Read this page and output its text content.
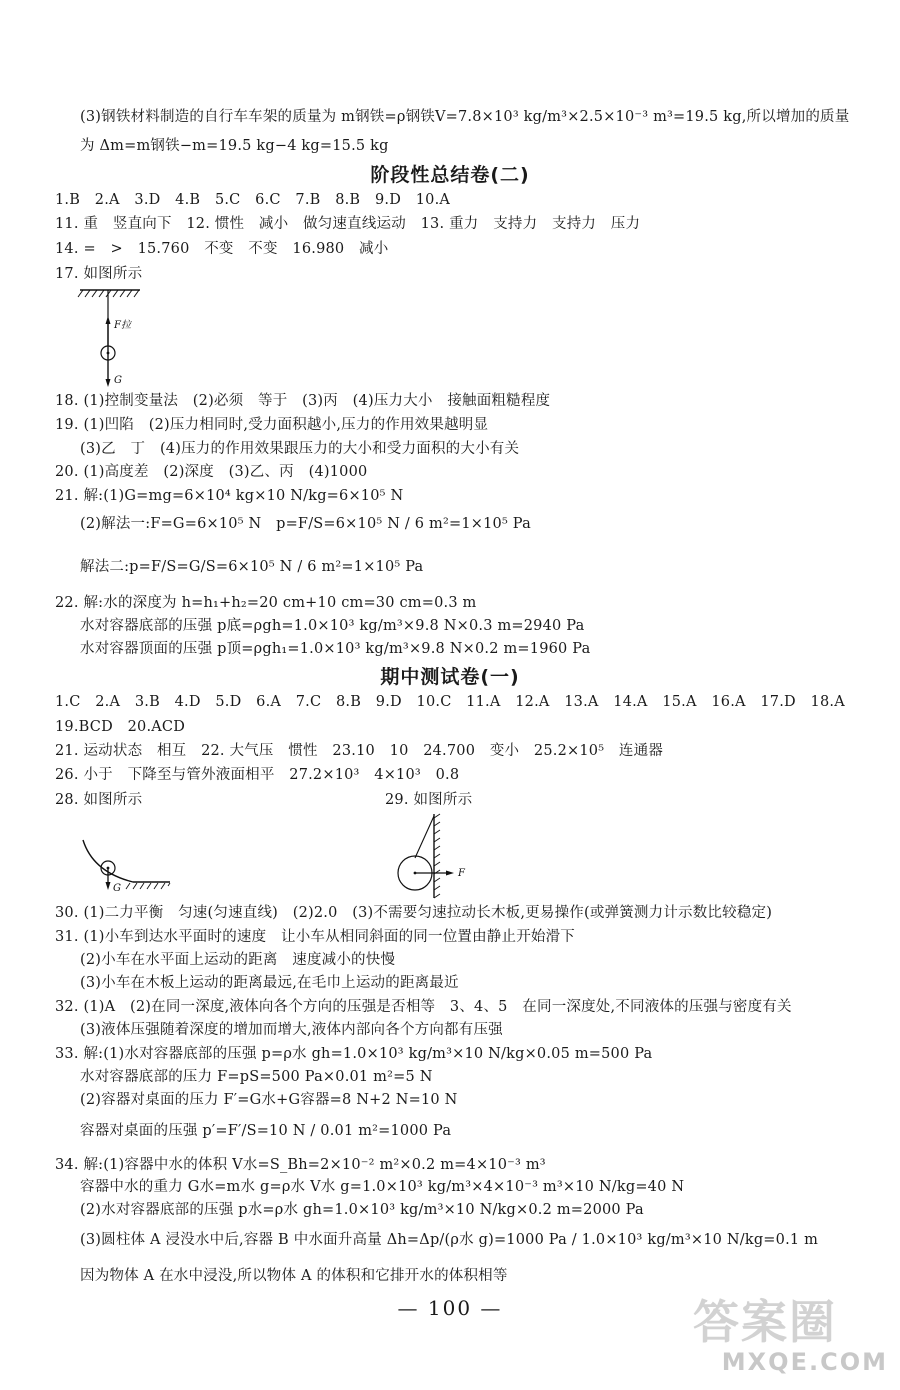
阶段性总结卷(二)
期中测试卷(一)
(3)钢铁材料制造的自行车车架的质量为 m钢铁=ρ钢铁V=7.8×10³ kg/m³×2.5×10⁻³ m³=19.5 kg,所以增加的质量
为 Δm=m钢铁−m=19.5 kg−4 kg=15.5 kg
1.B　2.A　3.D　4.B　5.C　6.C　7.B　8.B　9.D　10.A
11. 重　竖直向下　12. 惯性　减小　做匀速直线运动　13. 重力　支持力　支持力　压力
14. =　>　15.760　不变　不变　16.980　减小
17. 如图所示
18. (1)控制变量法　(2)必须　等于　(3)丙　(4)压力大小　接触面粗糙程度
19. (1)凹陷　(2)压力相同时,受力面积越小,压力的作用效果越明显
(3)乙　丁　(4)压力的作用效果跟压力的大小和受力面积的大小有关
20. (1)高度差　(2)深度　(3)乙、丙　(4)1000
21. 解:(1)G=mg=6×10⁴ kg×10 N/kg=6×10⁵ N
(2)解法一:F=G=6×10⁵ N　p=F/S=6×10⁵ N / 6 m²=1×10⁵ Pa
解法二:p=F/S=G/S=6×10⁵ N / 6 m²=1×10⁵ Pa
22. 解:水的深度为 h=h₁+h₂=20 cm+10 cm=30 cm=0.3 m
水对容器底部的压强 p底=ρgh=1.0×10³ kg/m³×9.8 N×0.3 m=2940 Pa
水对容器顶面的压强 p顶=ρgh₁=1.0×10³ kg/m³×9.8 N×0.2 m=1960 Pa
1.C　2.A　3.B　4.D　5.D　6.A　7.C　8.B　9.D　10.C　11.A　12.A　13.A　14.A　15.A　16.A　17.D　18.A
19.BCD　20.ACD
21. 运动状态　相互　22. 大气压　惯性　23.10　10　24.700　变小　25.2×10⁵　连通器
26. 小于　下降至与管外液面相平　27.2×10³　4×10³　0.8
28. 如图所示	29. 如图所示
30. (1)二力平衡　匀速(匀速直线)　(2)2.0　(3)不需要匀速拉动长木板,更易操作(或弹簧测力计示数比较稳定)
31. (1)小车到达水平面时的速度　让小车从相同斜面的同一位置由静止开始滑下
(2)小车在水平面上运动的距离　速度减小的快慢
(3)小车在木板上运动的距离最远,在毛巾上运动的距离最近
32. (1)A　(2)在同一深度,液体向各个方向的压强是否相等　3、4、5　在同一深度处,不同液体的压强与密度有关
(3)液体压强随着深度的增加而增大,液体内部向各个方向都有压强
33. 解:(1)水对容器底部的压强 p=ρ水 gh=1.0×10³ kg/m³×10 N/kg×0.05 m=500 Pa
水对容器底部的压力 F=pS=500 Pa×0.01 m²=5 N
(2)容器对桌面的压力 F′=G水+G容器=8 N+2 N=10 N
容器对桌面的压强 p′=F′/S=10 N / 0.01 m²=1000 Pa
34. 解:(1)容器中水的体积 V水=S_Bh=2×10⁻² m²×0.2 m=4×10⁻³ m³
容器中水的重力 G水=m水 g=ρ水 V水 g=1.0×10³ kg/m³×4×10⁻³ m³×10 N/kg=40 N
(2)水对容器底部的压强 p水=ρ水 gh=1.0×10³ kg/m³×10 N/kg×0.2 m=2000 Pa
(3)圆柱体 A 浸没水中后,容器 B 中水面升高量 Δh=Δp/(ρ水 g)=1000 Pa / 1.0×10³ kg/m³×10 N/kg=0.1 m
因为物体 A 在水中浸没,所以物体 A 的体积和它排开水的体积相等
F拉
G
G
F
— 100 —	答案圈
MXQE.COM
